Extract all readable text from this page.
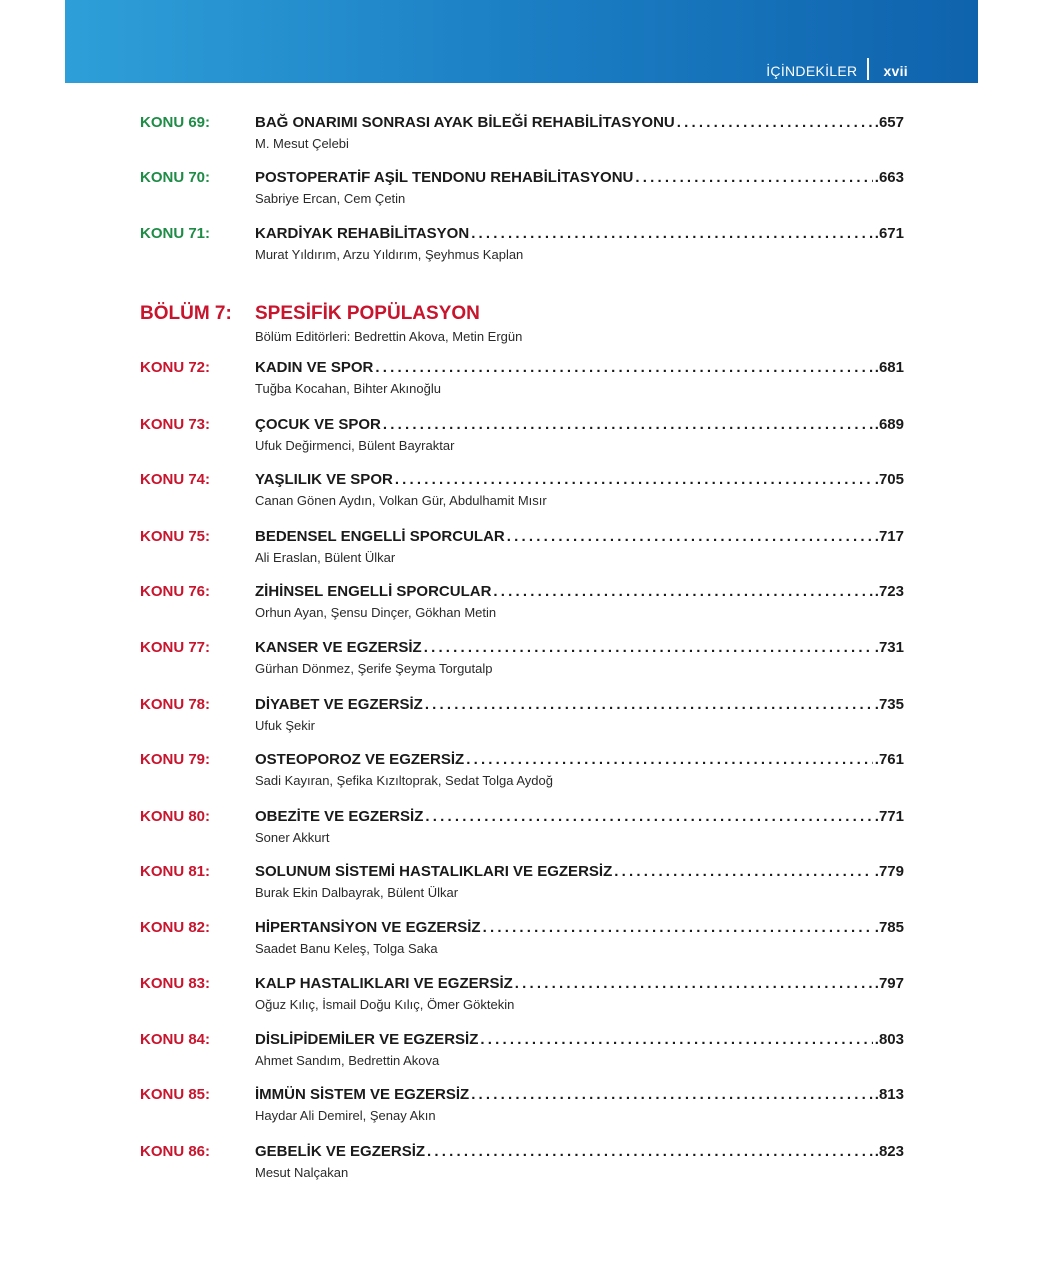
İÇİNDEKİLER xvii
KONU 69:	BAĞ ONARIMI SONRASI AYAK BİLEĞİ REHABİLİTASYONU .....	.657
M. Mesut Çelebi
KONU 70:	POSTOPERATİF AŞİL TENDONU REHABİLİTASYONU .....	.663
Sabriye Ercan, Cem Çetin
KONU 71:	KARDİYAK REHABİLİTASYON .....	.671
Murat Yıldırım, Arzu Yıldırım, Şeyhmus Kaplan
BÖLÜM 7: SPESİFİK POPÜLASYON
Bölüm Editörleri: Bedrettin Akova, Metin Ergün
KONU 72:	KADIN VE SPOR .....	.681
Tuğba Kocahan, Bihter Akınoğlu
KONU 73:	ÇOCUK VE SPOR .....	.689
Ufuk Değirmenci, Bülent Bayraktar
KONU 74:	YAŞLILIK VE SPOR .....	.705
Canan Gönen Aydın, Volkan Gür, Abdulhamit Mısır
KONU 75:	BEDENSEL ENGELLİ SPORCULAR .....	.717
Ali Eraslan, Bülent Ülkar
KONU 76:	ZİHİNSEL ENGELLİ SPORCULAR .....	.723
Orhun Ayan, Şensu Dinçer, Gökhan Metin
KONU 77:	KANSER VE EGZERSİZ .....	.731
Gürhan Dönmez, Şerife Şeyma Torgutalp
KONU 78:	DİYABET VE EGZERSİZ .....	.735
Ufuk Şekir
KONU 79:	OSTEOPOROZ VE EGZERSİZ .....	.761
Sadi Kayıran, Şefika Kızıltoprak, Sedat Tolga Aydoğ
KONU 80:	OBEZİTE VE EGZERSİZ .....	.771
Soner Akkurt
KONU 81:	SOLUNUM SİSTEMİ HASTALIKLARI VE EGZERSİZ .....	.779
Burak Ekin Dalbayrak, Bülent Ülkar
KONU 82:	HİPERTANSİYON VE EGZERSİZ .....	.785
Saadet Banu Keleş, Tolga Saka
KONU 83:	KALP HASTALIKLARI VE EGZERSİZ .....	.797
Oğuz Kılıç, İsmail Doğu Kılıç, Ömer Göktekin
KONU 84:	DİSLİPİDEMİLER VE EGZERSİZ .....	.803
Ahmet Sandım, Bedrettin Akova
KONU 85:	İMMÜN SİSTEM VE EGZERSİZ .....	.813
Haydar Ali Demirel, Şenay Akın
KONU 86:	GEBELİK VE EGZERSİZ .....	.823
Mesut Nalçakan
